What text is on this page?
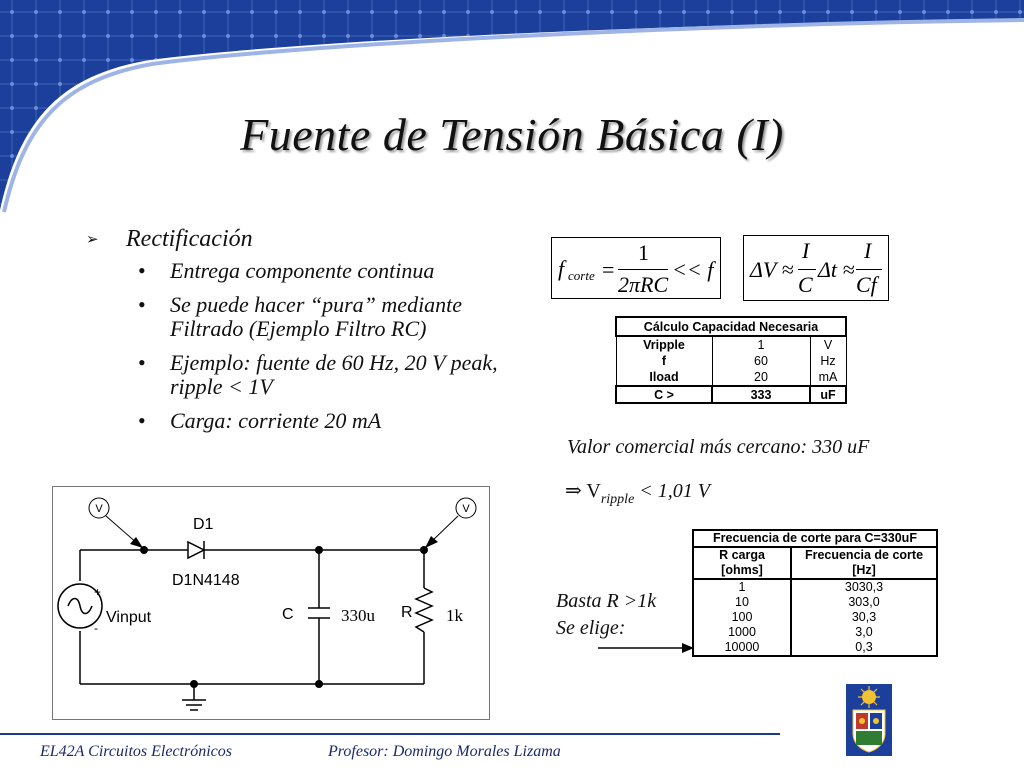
Fuente de Tensión Básica (I)
➢ Rectificación
• Entrega componente continua
• Se puede hacer “pura” mediante Filtrado (Ejemplo Filtro RC)
• Ejemplo: fuente de 60 Hz, 20 V peak, ripple < 1V
• Carga: corriente 20 mA
f corte =
1
2πRC
<< f ΔV ≈
I
C
Δt ≈
I
Cf
Cálculo Capacidad Necesaria		
Vripple	1	V
f	60	Hz
Iload	20	mA
C >	333	uF
Valor comercial más cercano: 330 uF
⇒ $V_{ripple} < 1,01$ V
Frecuencia de corte para C=330uF	
R carga	Frecuencia de corte
[ohms]	[Hz]
1	3030,3
10	303,0
100	30,3
1000	3,0
10000	0,3
Basta R >1k
Se elige:
V	V
D1
D1N4148
Vinput
+
-
C	R
330u	1k
EL42A Circuitos Electrónicos	Profesor: Domingo Morales Lizama
